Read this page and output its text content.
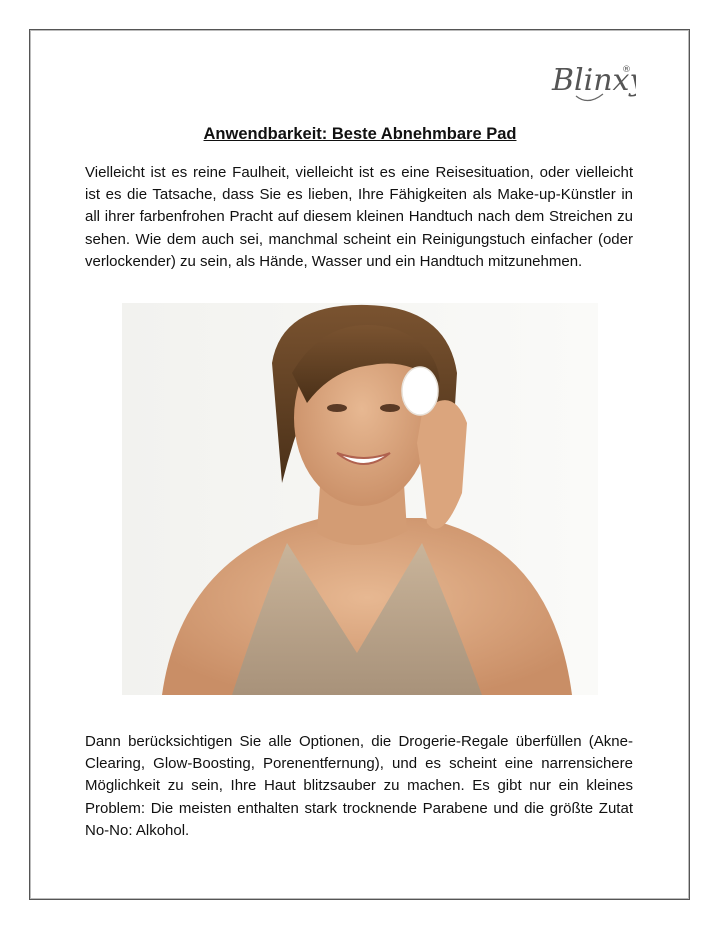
Blinx
®
Anwendbarkeit: Beste Abnehmbare Pad
Vielleicht ist es reine Faulheit, vielleicht ist es eine Reisesituation, oder vielleicht ist es die Tatsache, dass Sie es lieben, Ihre Fähigkeiten als Make-up-Künstler in all ihrer farbenfrohen Pracht auf diesem kleinen Handtuch nach dem Streichen zu sehen. Wie dem auch sei, manchmal scheint ein Reinigungstuch einfacher (oder verlockender) zu sein, als Hände, Wasser und ein Handtuch mitzunehmen.
Dann berücksichtigen Sie alle Optionen, die Drogerie-Regale überfüllen (Akne-Clearing, Glow-Boosting, Porenentfernung), und es scheint eine narrensichere Möglichkeit zu sein, Ihre Haut blitzsauber zu machen. Es gibt nur ein kleines Problem: Die meisten enthalten stark trocknende Parabene und die größte Zutat No-No: Alkohol.
